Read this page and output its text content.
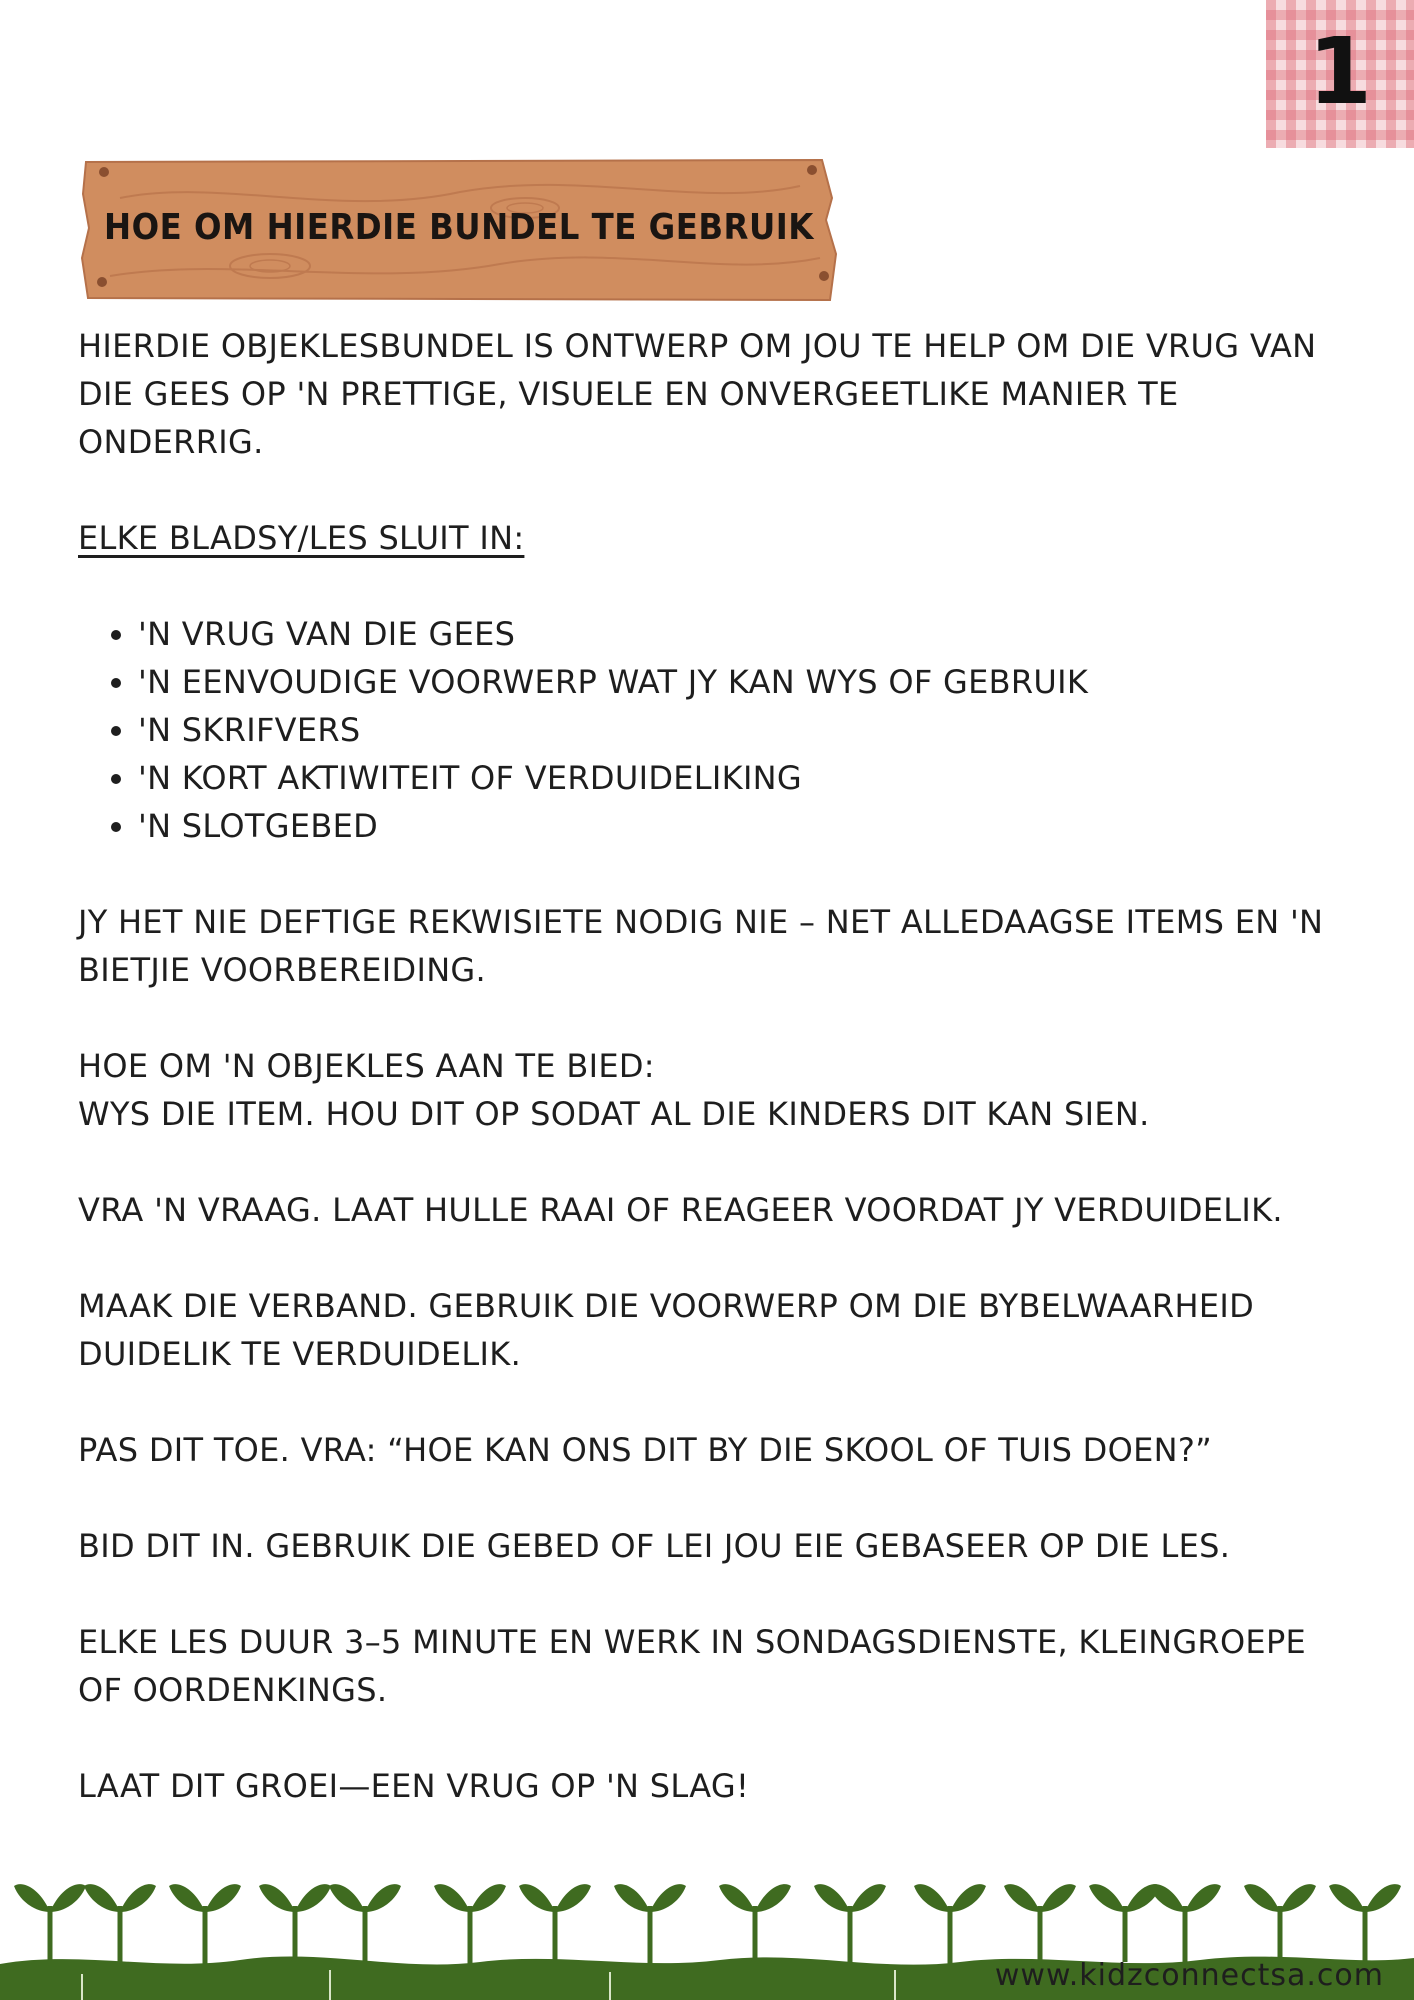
1
HOE OM HIERDIE BUNDEL TE GEBRUIK

HIERDIE OBJEKLESBUNDEL IS ONTWERP OM JOU TE HELP OM DIE VRUG VAN DIE GEES OP 'N PRETTIGE, VISUELE EN ONVERGEETLIKE MANIER TE ONDERRIG.

ELKE BLADSY/LES SLUIT IN:

• 'N VRUG VAN DIE GEES
• 'N EENVOUDIGE VOORWERP WAT JY KAN WYS OF GEBRUIK
• 'N SKRIFVERS
• 'N KORT AKTIWITEIT OF VERDUIDELIKING
• 'N SLOTGEBED

JY HET NIE DEFTIGE REKWISIETE NODIG NIE – NET ALLEDAAGSE ITEMS EN 'N BIETJIE VOORBEREIDING.

HOE OM 'N OBJEKLES AAN TE BIED:
WYS DIE ITEM. HOU DIT OP SODAT AL DIE KINDERS DIT KAN SIEN.

VRA 'N VRAAG. LAAT HULLE RAAI OF REAGEER VOORDAT JY VERDUIDELIK.

MAAK DIE VERBAND. GEBRUIK DIE VOORWERP OM DIE BYBELWAARHEID DUIDELIK TE VERDUIDELIK.

PAS DIT TOE. VRA: “HOE KAN ONS DIT BY DIE SKOOL OF TUIS DOEN?”

BID DIT IN. GEBRUIK DIE GEBED OF LEI JOU EIE GEBASEER OP DIE LES.

ELKE LES DUUR 3–5 MINUTE EN WERK IN SONDAGSDIENSTE, KLEINGROEPE OF OORDENKINGS.

LAAT DIT GROEI—EEN VRUG OP 'N SLAG!

www.kidzconnectsa.com
